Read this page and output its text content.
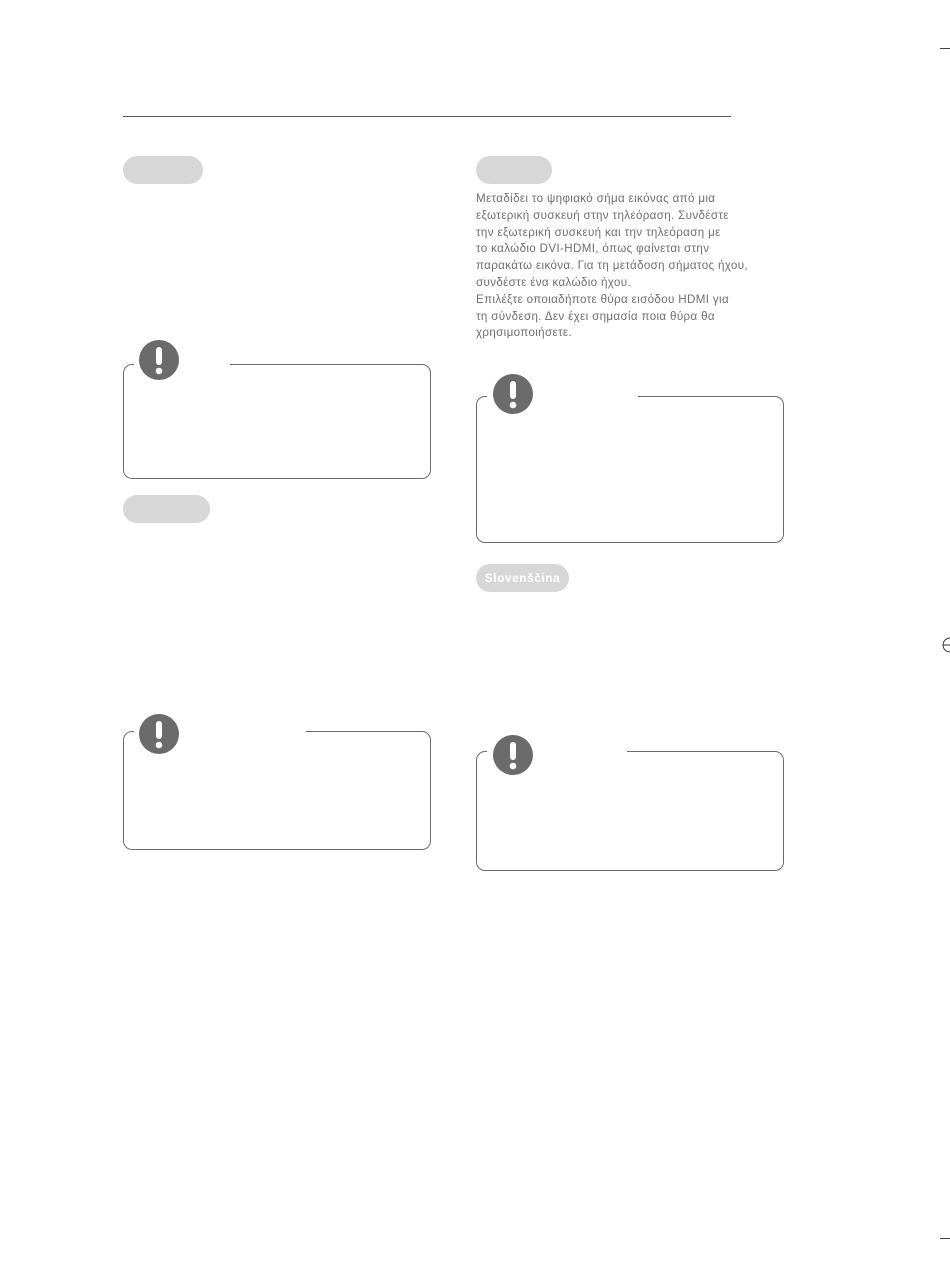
Μεταδίδει το ψηφιακό σήμα εικόνας από μια

εξωτερική συσκευή στην τηλεόραση. Συνδέστε

την εξωτερική συσκευή και την τηλεόραση με

το καλώδιο DVI-HDMI, όπως φαίνεται στην

παρακάτω εικόνα. Για τη μετάδοση σήματος ήχου,

συνδέστε ένα καλώδιο ήχου.

Επιλέξτε οποιαδήποτε θύρα εισόδου HDMI για

τη σύνδεση. Δεν έχει σημασία ποια θύρα θα

χρησιμοποιήσετε.

Slovenščina
